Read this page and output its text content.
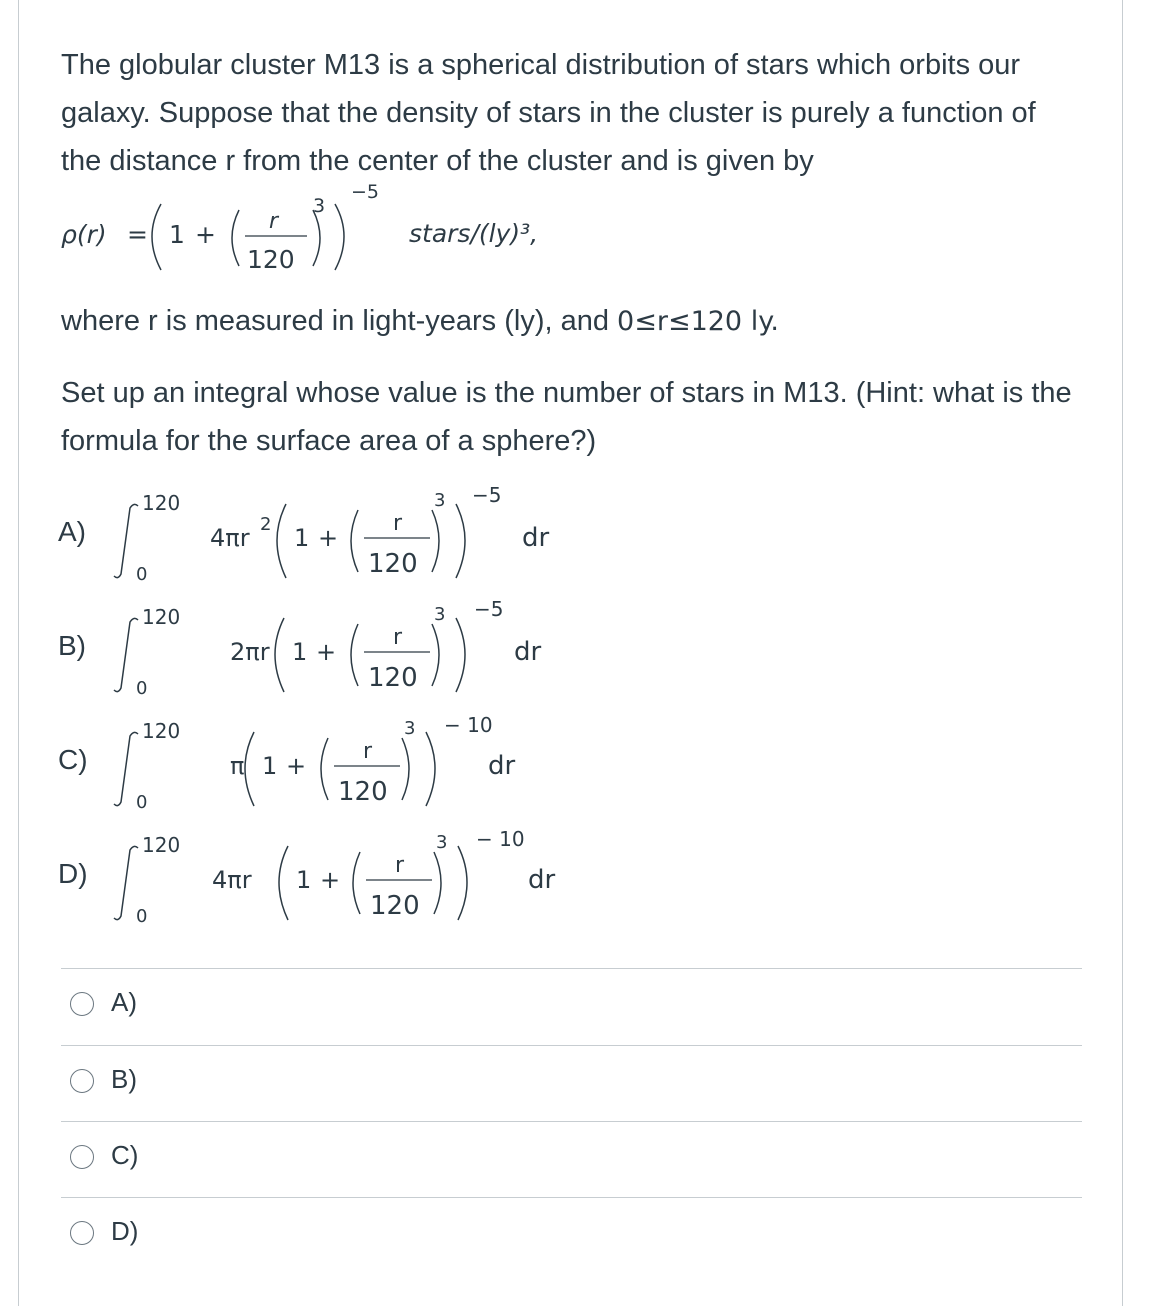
The globular cluster M13 is a spherical distribution of stars which orbits our galaxy. Suppose that the density of stars in the cluster is purely a function of the distance r from the center of the cluster and is given by

ρ(r) = 1 + r
120
3
−5
stars/(ly)³,

where r is measured in light-years (ly), and 0≤r≤120 ly.

Set up an integral whose value is the number of stars in M13. (Hint: what is the formula for the surface area of a sphere?)

A)
120
0
4πr 2 1 +
r
120
3 −5
dr
B)
120
0
2πr 1 +
r
120
3 −5
dr
C)
120
0
π 1 +
r
120
3 − 10
dr
D)
120
0
4πr 1 +
r
120
3 − 10
dr
A)
B)
C)
D)
